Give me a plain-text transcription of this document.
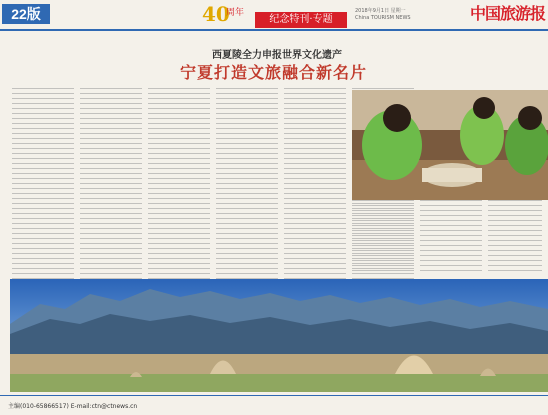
22版	40
周年
纪念特刊·专题
2018年9月1日 星期一
China TOURISM NEWS	中国旅游报
西夏陵全力申报世界文化遗产
宁夏打造文旅融合新名片
主编(010-65866517) E-mail:ctn@ctnews.cn
